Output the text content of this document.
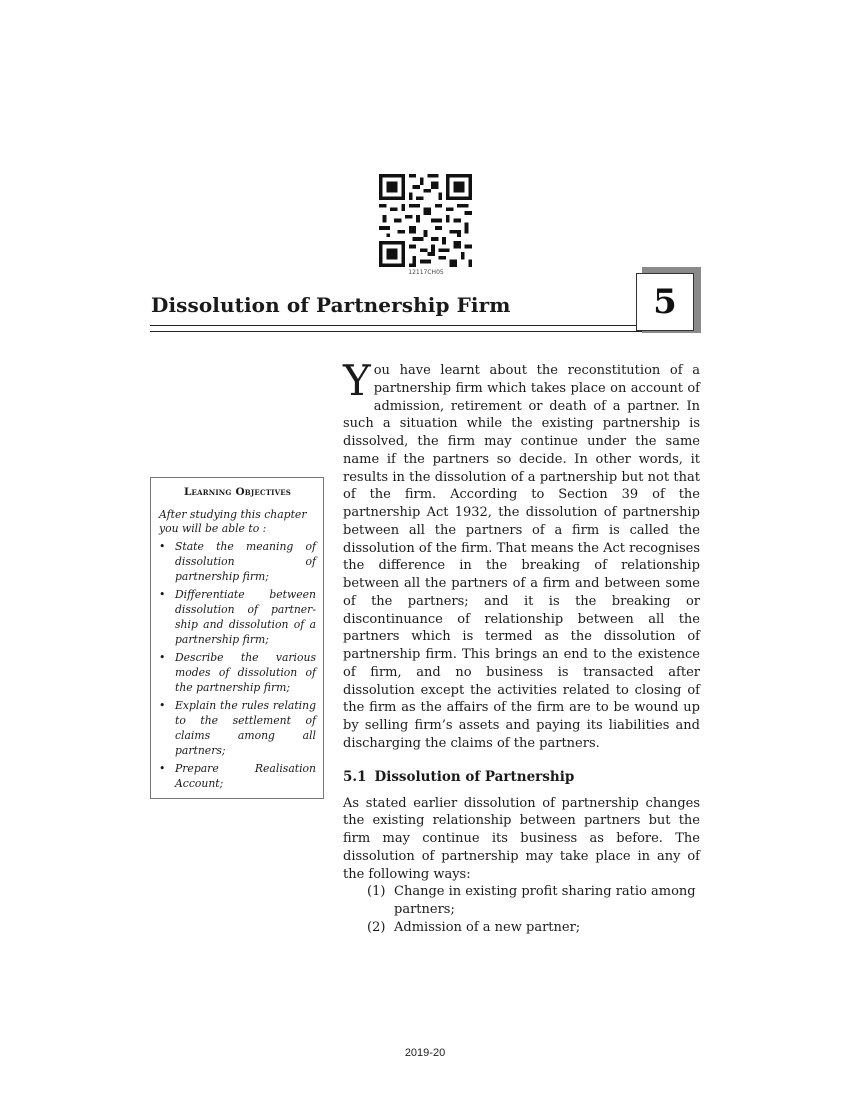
12117CH05
Dissolution of Partnership Firm	5
Learning Objectives

After studying this chapter you will be able to :

• State the meaning of dissolution of partnership firm;
• Differentiate between dissolution of partner-ship and dissolution of a partnership firm;
• Describe the various modes of dissolution of the partnership firm;
• Explain the rules relating to the settlement of claims among all partners;
• Prepare Realisation Account;

You have learnt about the reconstitution of a partnership firm which takes place on account of admission, retirement or death of a partner. In such a situation while the existing partnership is dissolved, the firm may continue under the same name if the partners so decide. In other words, it results in the dissolution of a partnership but not that of the firm. According to Section 39 of the partnership Act 1932, the dissolution of partnership between all the partners of a firm is called the dissolution of the firm. That means the Act recognises the difference in the breaking of relationship between all the partners of a firm and between some of the partners; and it is the breaking or discontinuance of relationship between all the partners which is termed as the dissolution of partnership firm. This brings an end to the existence of firm, and no business is transacted after dissolution except the activities related to closing of the firm as the affairs of the firm are to be wound up by selling firm’s assets and paying its liabilities and discharging the claims of the partners.

5.1 Dissolution of Partnership

As stated earlier dissolution of partnership changes the existing relationship between partners but the firm may continue its business as before. The dissolution of partnership may take place in any of the following ways:

(1) Change in existing profit sharing ratio among partners;
(2) Admission of a new partner;
2019-20
